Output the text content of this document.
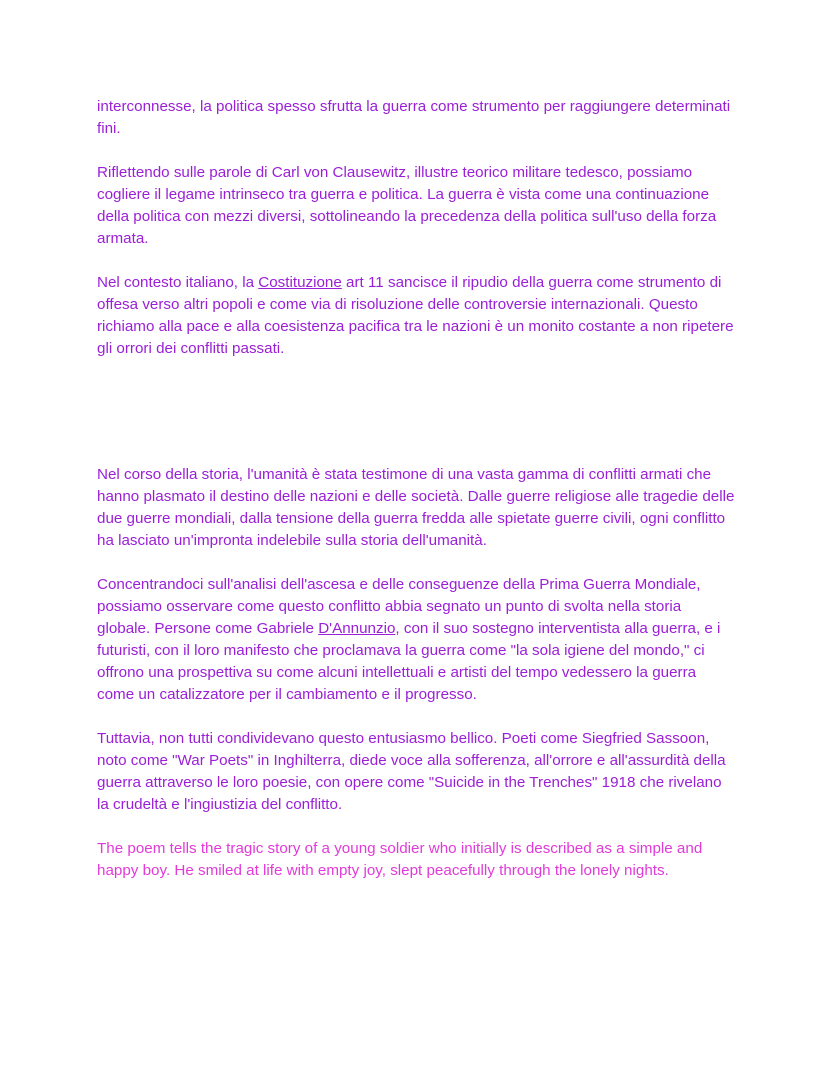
interconnesse, la politica spesso sfrutta la guerra come strumento per raggiungere determinati fini.

Riflettendo sulle parole di Carl von Clausewitz, illustre teorico militare tedesco, possiamo cogliere il legame intrinseco tra guerra e politica. La guerra è vista come una continuazione della politica con mezzi diversi, sottolineando la precedenza della politica sull'uso della forza armata.

Nel contesto italiano, la Costituzione art 11 sancisce il ripudio della guerra come strumento di offesa verso altri popoli e come via di risoluzione delle controversie internazionali. Questo richiamo alla pace e alla coesistenza pacifica tra le nazioni è un monito costante a non ripetere gli orrori dei conflitti passati.

Nel corso della storia, l'umanità è stata testimone di una vasta gamma di conflitti armati che hanno plasmato il destino delle nazioni e delle società. Dalle guerre religiose alle tragedie delle due guerre mondiali, dalla tensione della guerra fredda alle spietate guerre civili, ogni conflitto ha lasciato un'impronta indelebile sulla storia dell'umanità.

Concentrandoci sull'analisi dell'ascesa e delle conseguenze della Prima Guerra Mondiale, possiamo osservare come questo conflitto abbia segnato un punto di svolta nella storia globale. Persone come Gabriele D'Annunzio, con il suo sostegno interventista alla guerra, e i futuristi, con il loro manifesto che proclamava la guerra come "la sola igiene del mondo," ci offrono una prospettiva su come alcuni intellettuali e artisti del tempo vedessero la guerra come un catalizzatore per il cambiamento e il progresso.

Tuttavia, non tutti condividevano questo entusiasmo bellico. Poeti come Siegfried Sassoon, noto come "War Poets" in Inghilterra, diede voce alla sofferenza, all'orrore e all'assurdità della guerra attraverso le loro poesie, con opere come "Suicide in the Trenches" 1918 che rivelano la crudeltà e l'ingiustizia del conflitto.

The poem tells the tragic story of a young soldier who initially is described as a simple and happy boy. He smiled at life with empty joy, slept peacefully through the lonely nights.
